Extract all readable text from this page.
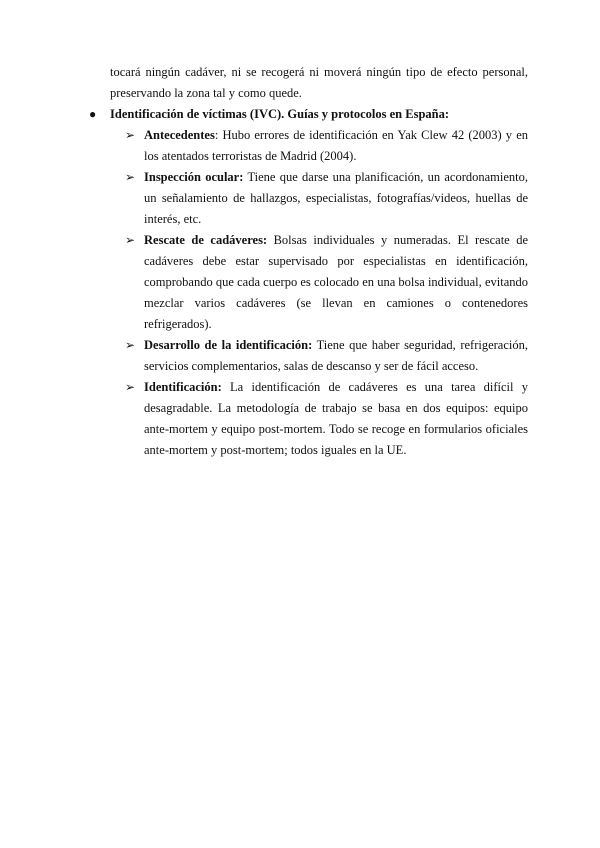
tocará ningún cadáver, ni se recogerá ni moverá ningún tipo de efecto personal, preservando la zona tal y como quede.

● Identificación de víctimas (IVC). Guías y protocolos en España:

➢ Antecedentes: Hubo errores de identificación en Yak Clew 42 (2003) y en los atentados terroristas de Madrid (2004).

➢ Inspección ocular: Tiene que darse una planificación, un acordonamiento, un señalamiento de hallazgos, especialistas, fotografías/videos, huellas de interés, etc.

➢ Rescate de cadáveres: Bolsas individuales y numeradas. El rescate de cadáveres debe estar supervisado por especialistas en identificación, comprobando que cada cuerpo es colocado en una bolsa individual, evitando mezclar varios cadáveres (se llevan en camiones o contenedores refrigerados).

➢ Desarrollo de la identificación: Tiene que haber seguridad, refrigeración, servicios complementarios, salas de descanso y ser de fácil acceso.

➢ Identificación: La identificación de cadáveres es una tarea difícil y desagradable. La metodología de trabajo se basa en dos equipos: equipo ante-mortem y equipo post-mortem. Todo se recoge en formularios oficiales ante-mortem y post-mortem; todos iguales en la UE.
